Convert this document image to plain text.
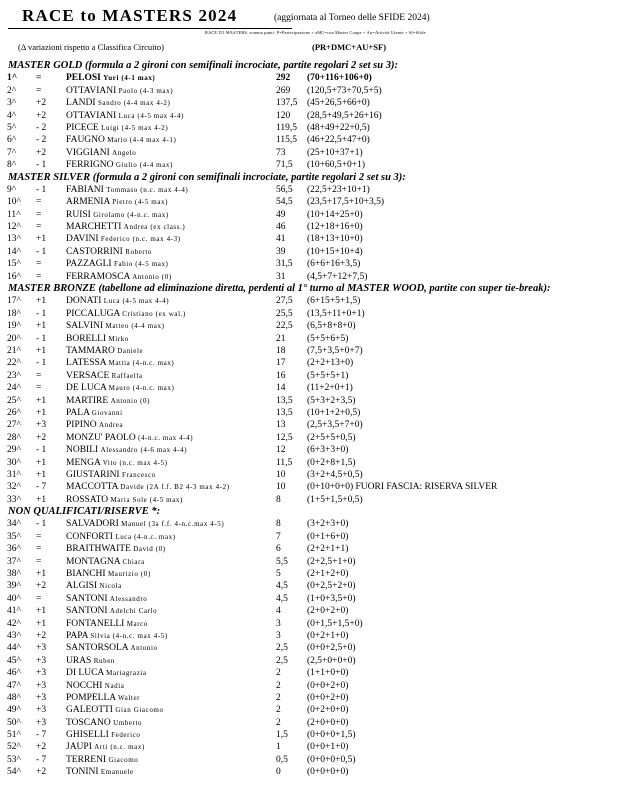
RACE to MASTERS 2024	(aggiornata al Torneo delle SFIDE 2024)
RACE TO MASTERS, somma punti: P=Partecipazione + aMC=con Master Coupe + Au=Attività Utente + Sf=Sfide
(Δ variazioni rispetto a Classifica Circuito)	(PR+DMC+AU+SF)
MASTER GOLD (formula a 2 gironi con semifinali incrociate, partite regolari 2 set su 3):
1^	=	PELOSI Yuri (4-1 max)	292	(70+116+106+0)
2^	=	OTTAVIANI Paolo (4-3 max)	269	(120,5+73+70,5+5)
3^	+2	LANDI Sandro (4-4 max 4-2)	137,5	(45+26,5+66+0)
4^	+2	OTTAVIANI Luca (4-5 max 4-4)	120	(28,5+49,5+26+16)
5^	- 2	PICECE Luigi (4-5 max 4-2)	119,5	(48+49+22+0,5)
6^	- 2	FAUGNO Mario (4-4 max 4-1)	115,5	(46+22,5+47+0)
7^	+2	VIGGIANI Angelo	73	(25+10+37+1)
8^	- 1	FERRIGNO Giulio (4-4 max)	71,5	(10+60,5+0+1)
MASTER SILVER (formula a 2 gironi con semifinali incrociate, partite regolari 2 set su 3):
9^	- 1	FABIANI Tommaso (n.c. max 4-4)	56,5	(22,5+23+10+1)
10^	=	ARMENIA Pietro (4-5 max)	54,5	(23,5+17,5+10+3,5)
11^	=	RUISI Girolamo (4-n.c. max)	49	(10+14+25+0)
12^	=	MARCHETTI Andrea (ex class.)	46	(12+18+16+0)
13^	+1	DAVINI Federico (n.c. max 4-3)	41	(18+13+10+0)
14^	- 1	CASTORRINI Roberto	39	(10+15+10+4)
15^	=	PAZZAGLI Fabio (4-5 max)	31,5	(6+6+16+3,5)
16^	=	FERRAMOSCA Antonio (0)	31	(4,5+7+12+7,5)
MASTER BRONZE (tabellone ad eliminazione diretta, perdenti al 1° turno al MASTER WOOD, partite con super tie-break):
17^	+1	DONATI Luca (4-5 max 4-4)	27,5	(6+15+5+1,5)
18^	- 1	PICCALUGA Cristiano (ex wal.)	25,5	(13,5+11+0+1)
19^	+1	SALVINI Matteo (4-4 max)	22,5	(6,5+8+8+0)
20^	- 1	BORELLI Mirko	21	(5+5+6+5)
21^	+1	TAMMARO Daniele	18	(7,5+3,5+0+7)
22^	- 1	LATESSA Mattia (4-n.c. max)	17	(2+2+13+0)
23^	=	VERSACE Raffaella	16	(5+5+5+1)
24^	=	DE LUCA Mauro (4-n.c. max)	14	(11+2+0+1)
25^	+1	MARTIRE Antonio (0)	13,5	(5+3+2+3,5)
26^	+1	PALA Giovanni	13,5	(10+1+2+0,5)
27^	+3	PIPINO Andrea	13	(2,5+3,5+7+0)
28^	+2	MONZU' PAOLO (4-n.c. max 4-4)	12,5	(2+5+5+0,5)
29^	- 1	NOBILI Alessandro (4-6 max 4-4)	12	(6+3+3+0)
30^	+1	MENGA Vito (n.c. max 4-5)	11,5	(0+2+8+1,5)
31^	+1	GIUSTARINI Francesco	10	(3+2+4,5+0,5)
32^	- 7	MACCOTTA Davide (2A f.f. B2 4-3 max 4-2)	10	(0+10+0+0) FUORI FASCIA: RISERVA SILVER
33^	+1	ROSSATO Maria Sole (4-5 max)	8	(1+5+1,5+0,5)
NON QUALIFICATI/RISERVE *:
34^	- 1	SALVADORI Manuel (3a f.f. 4-n.c.max 4-5)	8	(3+2+3+0)
35^	=	CONFORTI Luca (4-n.c. max)	7	(0+1+6+0)
36^	=	BRAITHWAITE David (0)	6	(2+2+1+1)
37^	=	MONTAGNA Chiara	5,5	(2+2,5+1+0)
38^	+1	BIANCHI Maurizio (0)	5	(2+1+2+0)
39^	+2	ALGISI Nicola	4,5	(0+2,5+2+0)
40^	=	SANTONI Alessandro	4,5	(1+0+3,5+0)
41^	+1	SANTONI Adelchi Carlo	4	(2+0+2+0)
42^	+1	FONTANELLI Marco	3	(0+1,5+1,5+0)
43^	+2	PAPA Silvia (4-n.c. max 4-5)	3	(0+2+1+0)
44^	+3	SANTORSOLA Antonio	2,5	(0+0+2,5+0)
45^	+3	URAS Ruben	2,5	(2,5+0+0+0)
46^	+3	DI LUCA Mariagrazia	2	(1+1+0+0)
47^	+3	NOCCHI Nadia	2	(0+0+2+0)
48^	+3	POMPELLA Walter	2	(0+0+2+0)
49^	+3	GALEOTTI Gian Giacomo	2	(0+2+0+0)
50^	+3	TOSCANO Umberto	2	(2+0+0+0)
51^	- 7	GHISELLI Federico	1,5	(0+0+0+1,5)
52^	+2	JAUPI Arti (n.c. max)	1	(0+0+1+0)
53^	- 7	TERRENI Giacomo	0,5	(0+0+0+0,5)
54^	+2	TONINI Emanuele	0	(0+0+0+0)
